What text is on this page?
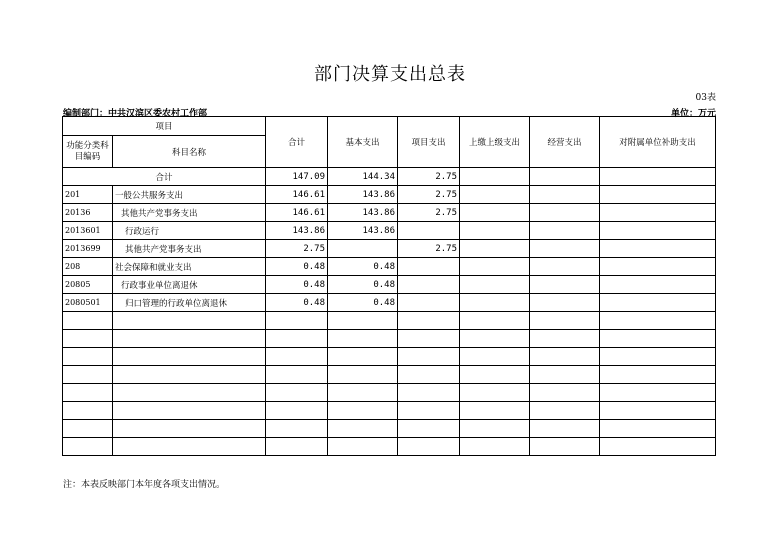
部门决算支出总表
03表
编制部门：中共汉滨区委农村工作部	单位：万元
项目		合计	基本支出	项目支出	上缴上级支出	经营支出	对附属单位补助支出
功能分类科目编码	科目名称						

合计		147.09	144.34	2.75			
201	一般公共服务支出	146.61	143.86	2.75			
20136	其他共产党事务支出	146.61	143.86	2.75			
2013601	行政运行	143.86	143.86				
2013699	其他共产党事务支出	2.75		2.75			
208	社会保障和就业支出	0.48	0.48				
20805	行政事业单位离退休	0.48	0.48				
2080501	归口管理的行政单位离退休	0.48	0.48				

注：本表反映部门本年度各项支出情况。
